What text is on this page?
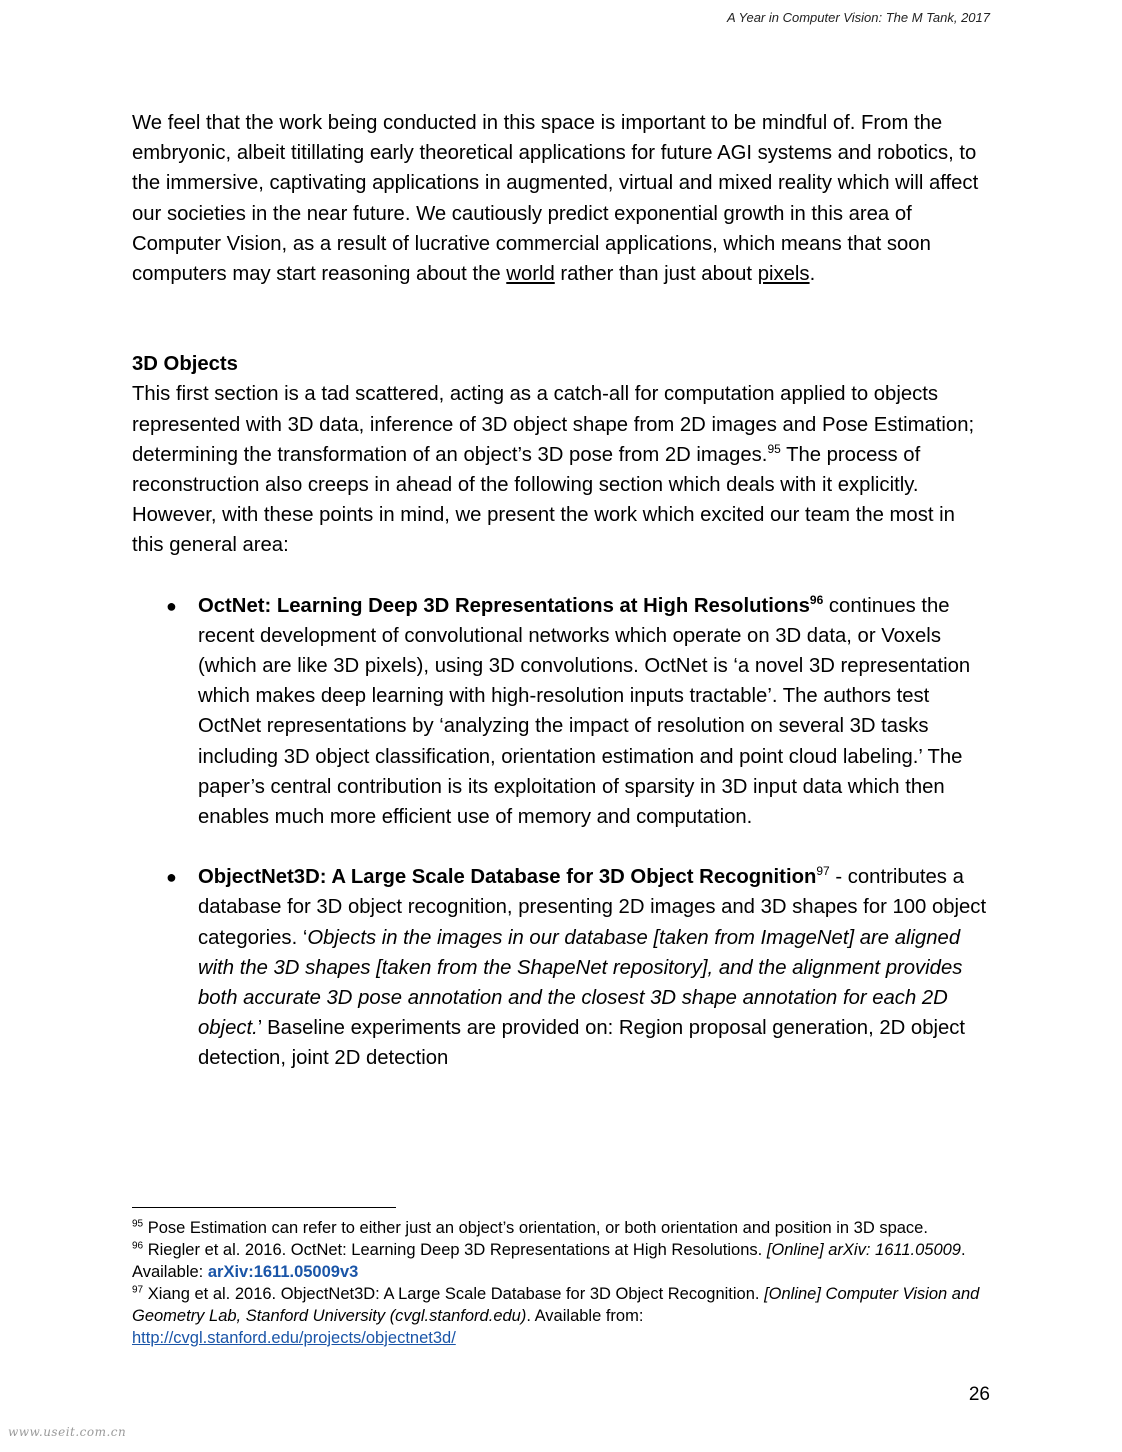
A Year in Computer Vision: The M Tank, 2017

We feel that the work being conducted in this space is important to be mindful of. From the embryonic, albeit titillating early theoretical applications for future AGI systems and robotics, to the immersive, captivating applications in augmented, virtual and mixed reality which will affect our societies in the near future. We cautiously predict exponential growth in this area of Computer Vision, as a result of lucrative commercial applications, which means that soon computers may start reasoning about the world rather than just about pixels.

3D Objects

This first section is a tad scattered, acting as a catch-all for computation applied to objects represented with 3D data, inference of 3D object shape from 2D images and Pose Estimation; determining the transformation of an object’s 3D pose from 2D images.$^{95}$ The process of reconstruction also creeps in ahead of the following section which deals with it explicitly. However, with these points in mind, we present the work which excited our team the most in this general area:

● OctNet: Learning Deep 3D Representations at High Resolutions$^{96}$ continues the recent development of convolutional networks which operate on 3D data, or Voxels (which are like 3D pixels), using 3D convolutions. OctNet is ‘a novel 3D representation which makes deep learning with high-resolution inputs tractable’. The authors test OctNet representations by ‘analyzing the impact of resolution on several 3D tasks including 3D object classification, orientation estimation and point cloud labeling.’ The paper’s central contribution is its exploitation of sparsity in 3D input data which then enables much more efficient use of memory and computation.
● ObjectNet3D: A Large Scale Database for 3D Object Recognition$^{97}$ - contributes a database for 3D object recognition, presenting 2D images and 3D shapes for 100 object categories. ‘Objects in the images in our database [taken from ImageNet] are aligned with the 3D shapes [taken from the ShapeNet repository], and the alignment provides both accurate 3D pose annotation and the closest 3D shape annotation for each 2D object.’ Baseline experiments are provided on: Region proposal generation, 2D object detection, joint 2D detection
$^{95}$ Pose Estimation can refer to either just an object’s orientation, or both orientation and position in 3D space.
$^{96}$ Riegler et al. 2016. OctNet: Learning Deep 3D Representations at High Resolutions. [Online] arXiv: 1611.05009. Available: arXiv:1611.05009v3
$^{97}$ Xiang et al. 2016. ObjectNet3D: A Large Scale Database for 3D Object Recognition. [Online] Computer Vision and Geometry Lab, Stanford University (cvgl.stanford.edu). Available from:
http://cvgl.stanford.edu/projects/objectnet3d/
26
www.useit.com.cn
